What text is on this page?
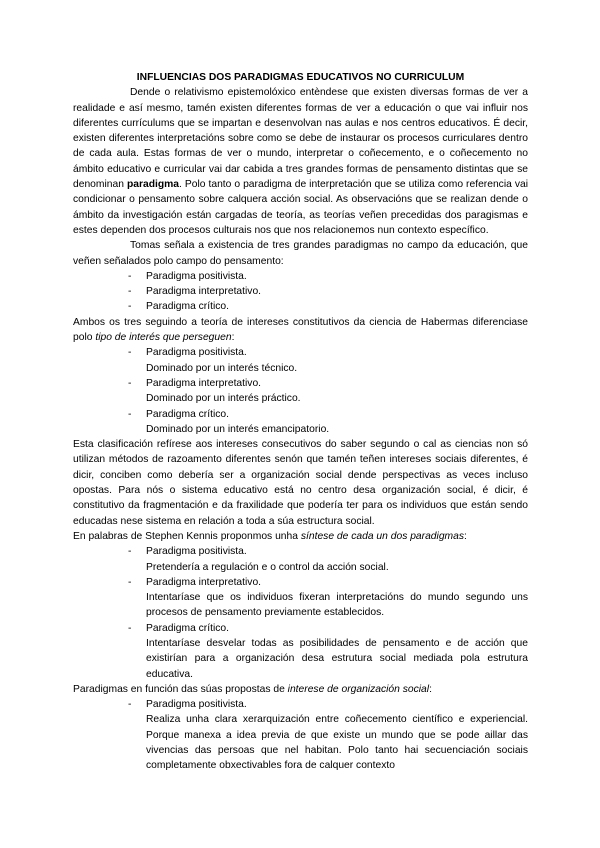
INFLUENCIAS DOS PARADIGMAS EDUCATIVOS NO CURRICULUM

Dende o relativismo epistemolóxico entèndese que existen diversas formas de ver a realidade e así mesmo, tamén existen diferentes formas de ver a educación o que vai influir nos diferentes currículums que se impartan e desenvolvan nas aulas e nos centros educativos. É decir, existen diferentes interpretacións sobre como se debe de instaurar os procesos curriculares dentro de cada aula. Estas formas de ver o mundo, interpretar o coñecemento, e o coñecemento no ámbito educativo e curricular vai dar cabida a tres grandes formas de pensamento distintas que se denominan paradigma. Polo tanto o paradigma de interpretación que se utiliza como referencia vai condicionar o pensamento sobre calquera acción social. As observacións que se realizan dende o ámbito da investigación están cargadas de teoría, as teorías veñen precedidas dos paragismas e estes dependen dos procesos culturais nos que nos relacionemos nun contexto específico.

Tomas señala a existencia de tres grandes paradigmas no campo da educación, que veñen señalados polo campo do pensamento:

- Paradigma positivista.
- Paradigma interpretativo.
- Paradigma crítico.

Ambos os tres seguindo a teoría de intereses constitutivos da ciencia de Habermas diferenciase polo tipo de interés que perseguen:

- Paradigma positivista.
Dominado por un interés técnico.
- Paradigma interpretativo.
Dominado por un interés práctico.
- Paradigma crítico.
Dominado por un interés emancipatorio.

Esta clasificación refírese aos intereses consecutivos do saber segundo o cal as ciencias non só utilizan métodos de razoamento diferentes senón que tamén teñen intereses sociais diferentes, é dicir, conciben como debería ser a organización social dende perspectivas as veces incluso opostas. Para nós o sistema educativo está no centro desa organización social, é dicir, é constitutivo da fragmentación e da fraxilidade que podería ter para os individuos que están sendo educadas nese sistema en relación a toda a súa estructura social.

En palabras de Stephen Kennis proponmos unha síntese de cada un dos paradigmas:

- Paradigma positivista.
Pretendería a regulación e o control da acción social.
- Paradigma interpretativo.
Intentaríase que os individuos fixeran interpretacións do mundo segundo uns procesos de pensamento previamente establecidos.
- Paradigma crítico.
Intentaríase desvelar todas as posibilidades de pensamento e de acción que existirían para a organización desa estrutura social mediada pola estrutura educativa.

Paradigmas en función das súas propostas de interese de organización social:

- Paradigma positivista.
Realiza unha clara xerarquización entre coñecemento científico e experiencial. Porque manexa a idea previa de que existe un mundo que se pode aillar das vivencias das persoas que nel habitan. Polo tanto hai secuenciación sociais completamente obxectivables fora de calquer contexto
